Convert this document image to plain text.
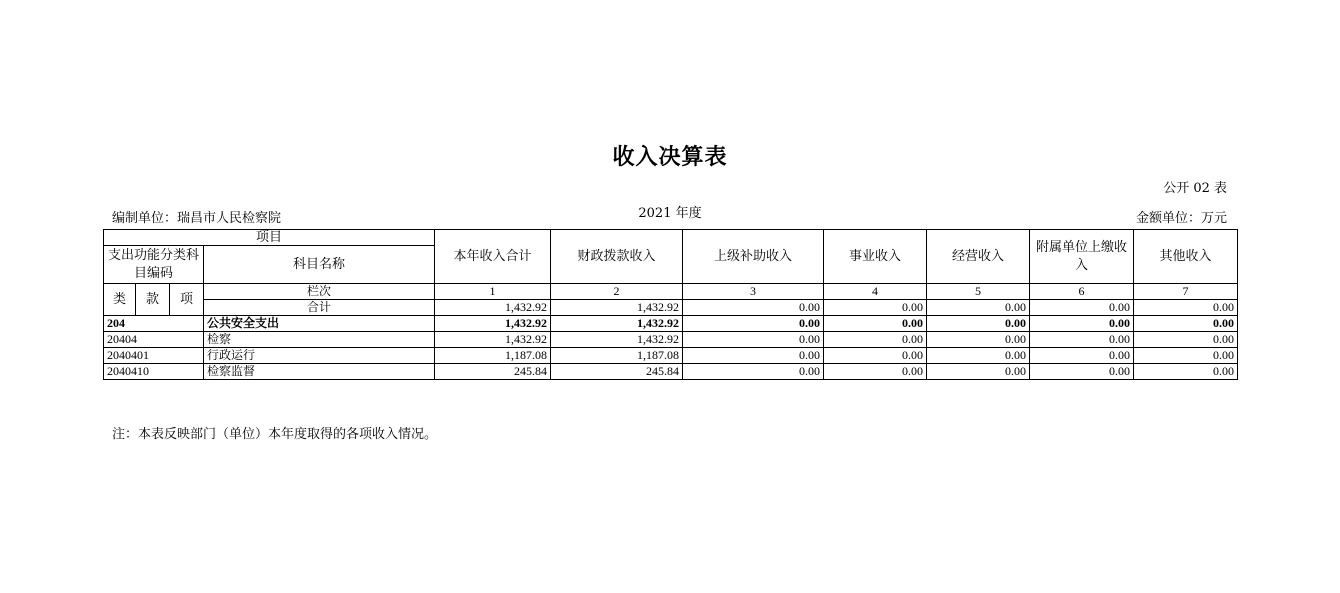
收入决算表
公开 02 表
编制单位：瑞昌市人民检察院	2021 年度	金额单位：万元
项目				本年收入合计	财政拨款收入	上级补助收入	事业收入	经营收入	附属单位上缴收入	其他收入
支出功能分类科目编码			科目名称							
类	款	项	栏次	1	2	3	4	5	6	7
			合计	1,432.92	1,432.92	0.00	0.00	0.00	0.00	0.00
204			公共安全支出	1,432.92	1,432.92	0.00	0.00	0.00	0.00	0.00
20404			检察	1,432.92	1,432.92	0.00	0.00	0.00	0.00	0.00
2040401			行政运行	1,187.08	1,187.08	0.00	0.00	0.00	0.00	0.00
2040410			检察监督	245.84	245.84	0.00	0.00	0.00	0.00	0.00
注：本表反映部门（单位）本年度取得的各项收入情况。
